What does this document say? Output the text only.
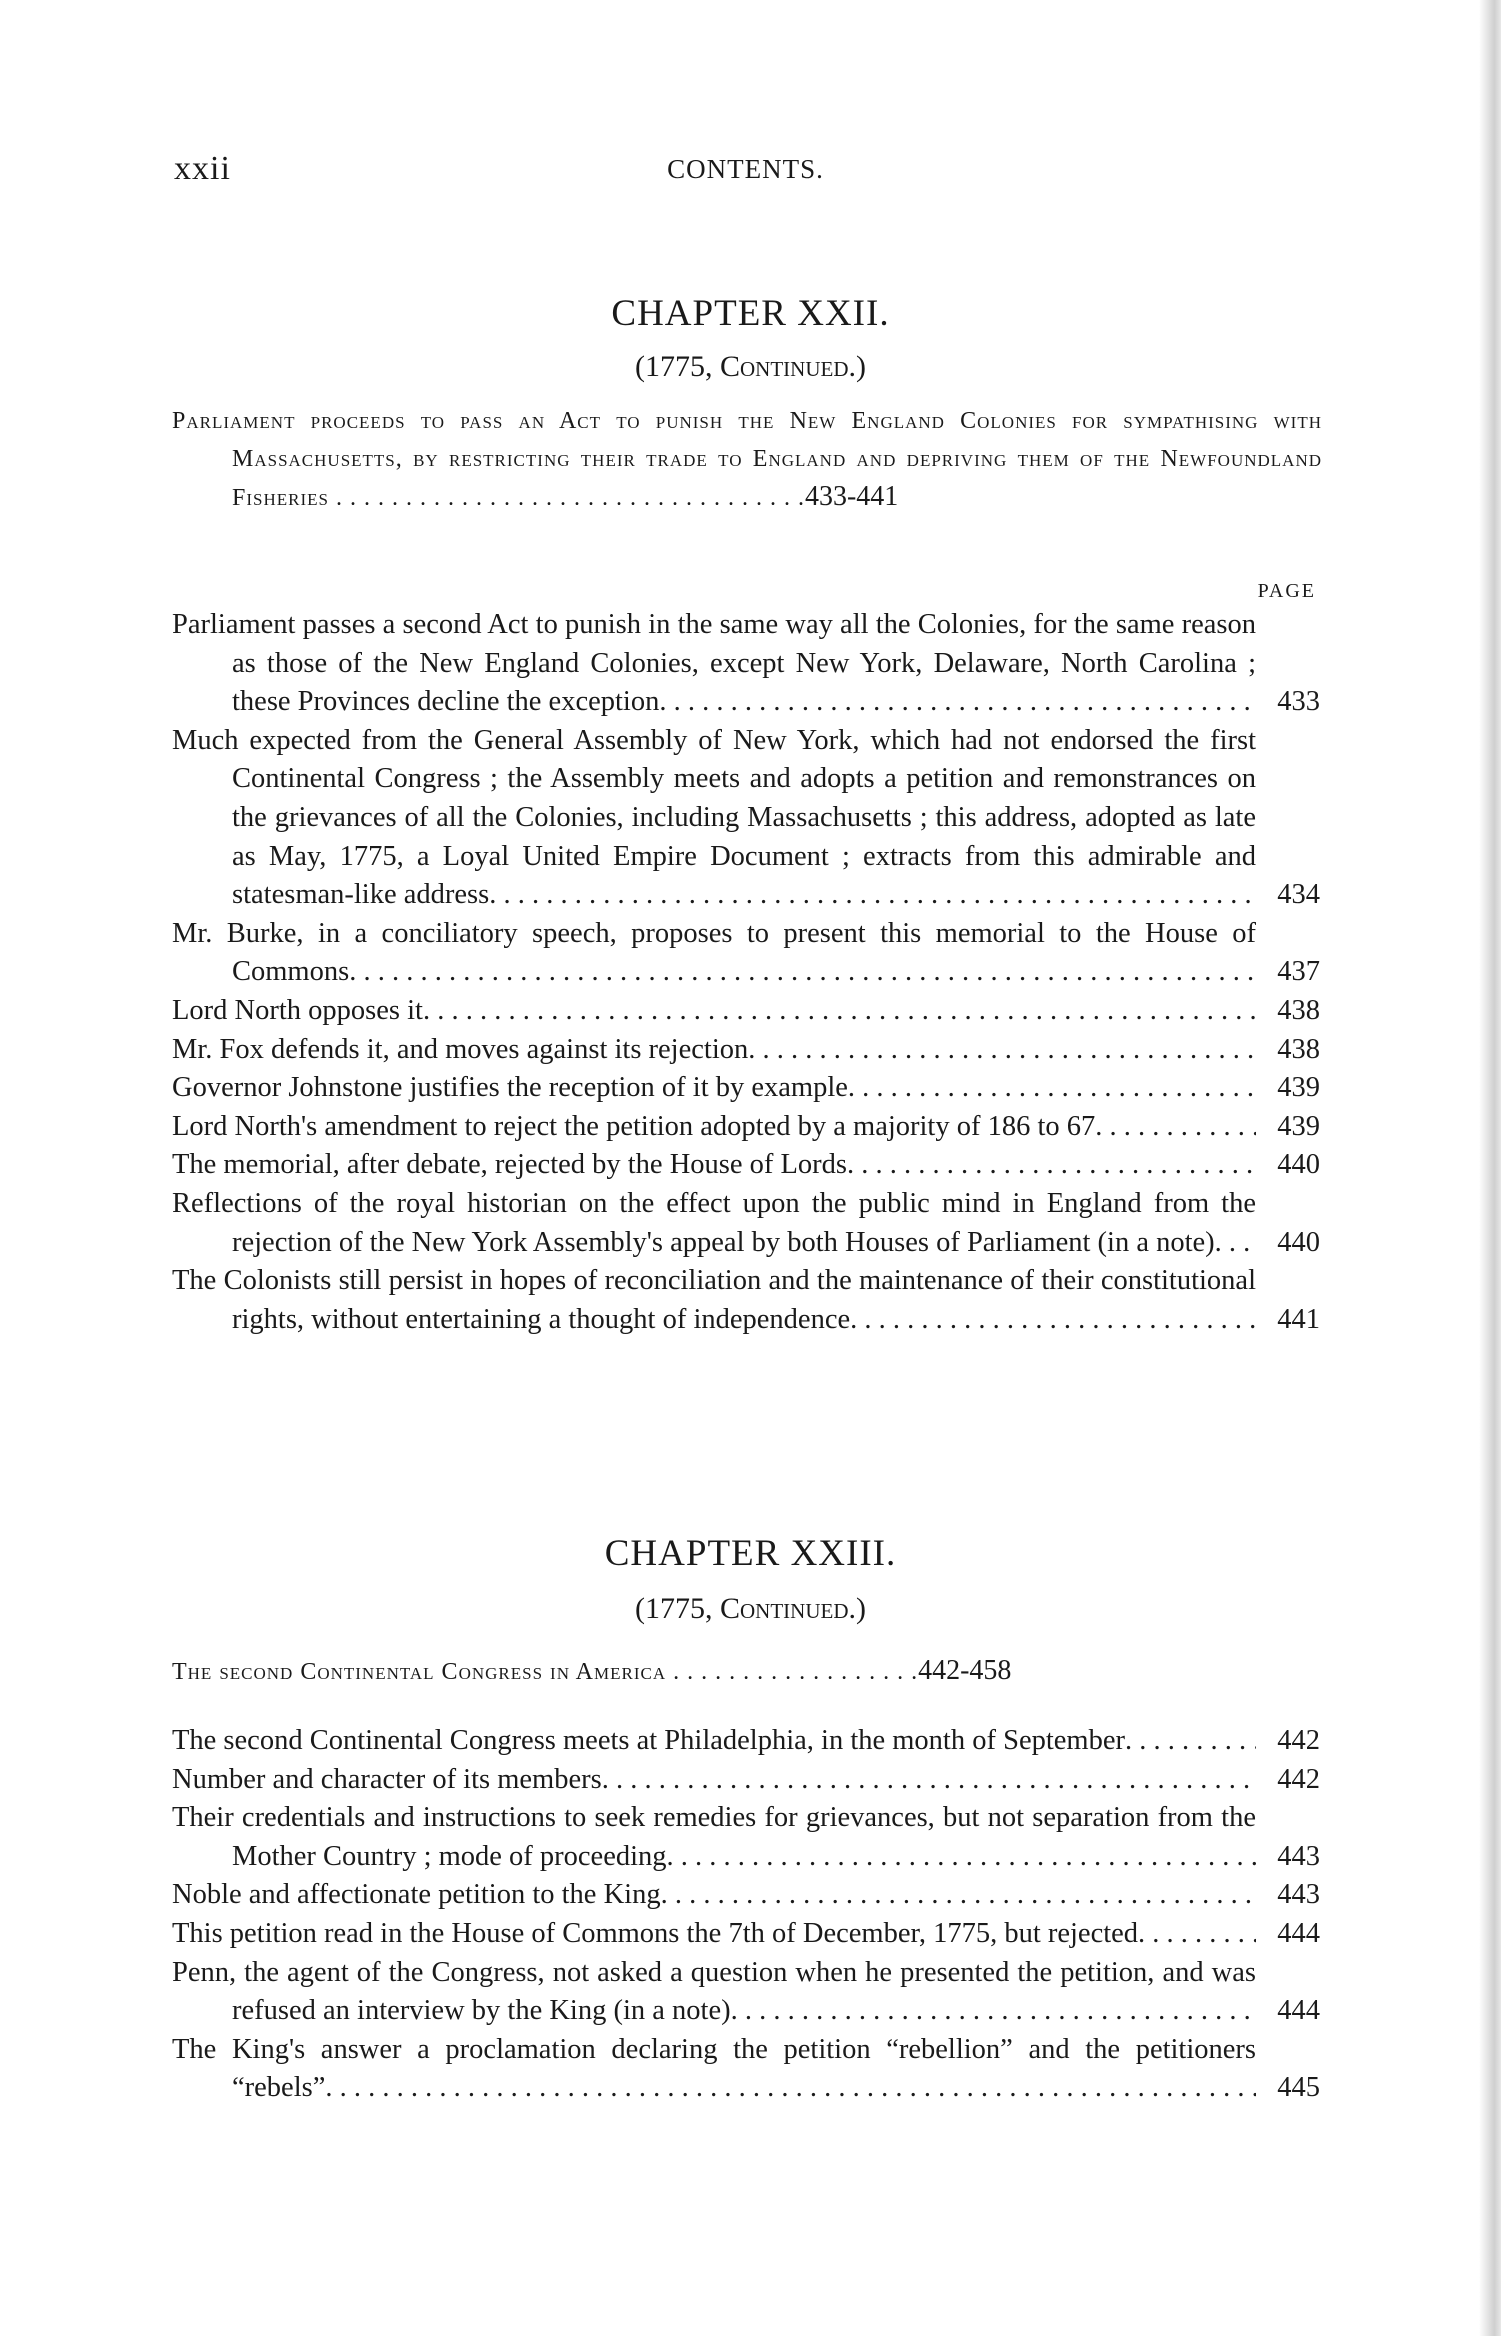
xxii	CONTENTS.
CHAPTER XXII.
(1775, Continued.)
Parliament proceeds to pass an Act to punish the New England Colonies for sympathising with Massachusetts, by restricting their trade to England and depriving them of the Newfoundland Fisheries . . . . . . . . . . . . . . . . . . . . . . . . . . . . . . . . . .433-441
PAGE
Parliament passes a second Act to punish in the same way all the Colonies, for the same reason as those of the New England Colonies, except New York, Delaware, North Carolina ; these Provinces decline the exception . . .	433
Much expected from the General Assembly of New York, which had not endorsed the first Continental Congress ; the Assembly meets and adopts a petition and remonstrances on the grievances of all the Colonies, including Massachusetts ; this address, adopted as late as May, 1775, a Loyal United Empire Document ; extracts from this admirable and statesman-like address . . .	434
Mr. Burke, in a conciliatory speech, proposes to present this memorial to the House of Commons . . .	437
Lord North opposes it . . .	438
Mr. Fox defends it, and moves against its rejection . . .	438
Governor Johnstone justifies the reception of it by example . . .	439
Lord North's amendment to reject the petition adopted by a majority of 186 to 67 . . .	439
The memorial, after debate, rejected by the House of Lords . . .	440
Reflections of the royal historian on the effect upon the public mind in England from the rejection of the New York Assembly's appeal by both Houses of Parliament (in a note) . . .	440
The Colonists still persist in hopes of reconciliation and the maintenance of their constitutional rights, without entertaining a thought of independence . . .	441
CHAPTER XXIII.
(1775, Continued.)
The second Continental Congress in America . . . . . . . . . . . . . . . . . .442-458
The second Continental Congress meets at Philadelphia, in the month of September . . .	442
Number and character of its members . . .	442
Their credentials and instructions to seek remedies for grievances, but not separation from the Mother Country ; mode of proceeding . . .	443
Noble and affectionate petition to the King . . .	443
This petition read in the House of Commons the 7th of December, 1775, but rejected . . .	444
Penn, the agent of the Congress, not asked a question when he presented the petition, and was refused an interview by the King (in a note) . . .	444
The King's answer a proclamation declaring the petition “rebellion” and the petitioners “rebels” . . .	445
